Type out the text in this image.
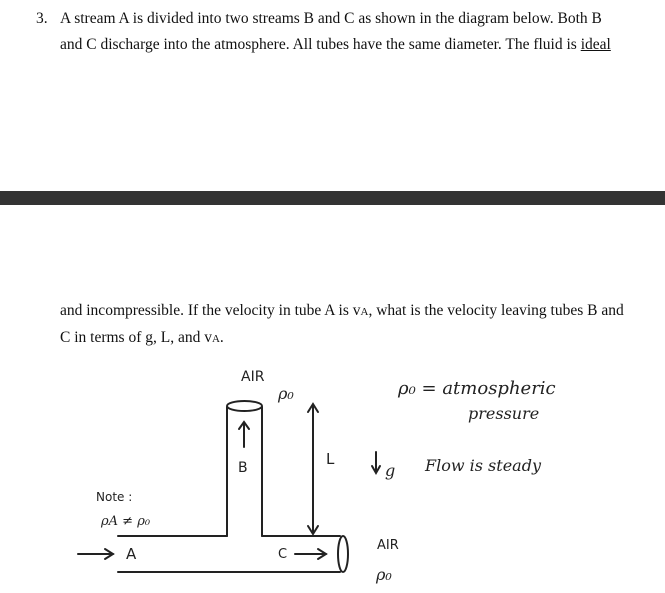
3. A stream A is divided into two streams B and C as shown in the diagram below. Both B
and C discharge into the atmosphere. All tubes have the same diameter. The fluid is ideal
and incompressible. If the velocity in tube A is vA, what is the velocity leaving tubes B and
C in terms of g, L, and vA.
AIR
ρ₀
B	L
g
A	C
AIR
ρ₀
Note :
ρA ≠ ρ₀
ρ₀ = atmospheric
pressure
Flow is steady
